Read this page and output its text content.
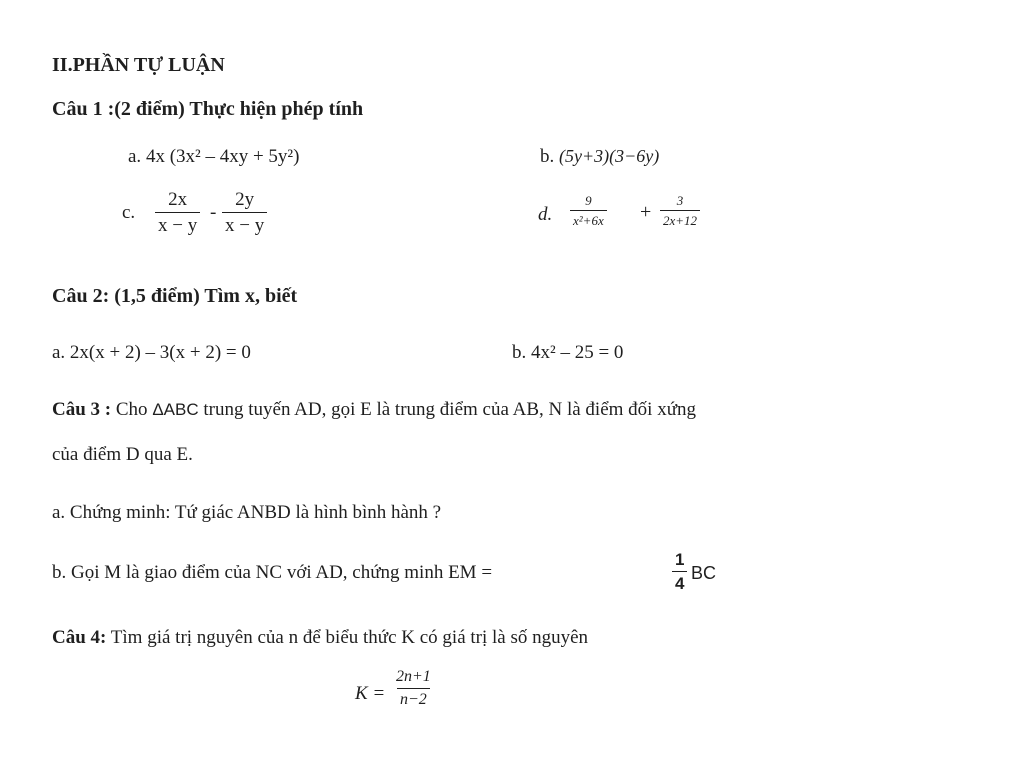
II.PHẦN TỰ LUẬN
Câu 1 :(2 điểm) Thực hiện phép tính
a. 4x (3x² – 4xy + 5y²)	b. (5y+3)(3−6y)
c. $\frac{2x}{x - y} - \frac{2y}{x - y}$	d. $\frac{9}{\text{x²+6x}} + \frac{3}{2x+12}$
Câu 2: (1,5 điểm) Tìm x, biết
a. 2x(x + 2) – 3(x + 2) = 0	b. 4x² – 25 = 0
Câu 3 : Cho ΔABC trung tuyến AD, gọi E là trung điểm của AB, N là điểm đối xứng
của điểm D qua E.
a. Chứng minh: Tứ giác ANBD là hình bình hành ?
b. Gọi M là giao điểm của NC với AD, chứng minh EM =	$\frac{1}{4}$ BC
Câu 4: Tìm giá trị nguyên của n để biểu thức K có giá trị là số nguyên
$K = \frac{2n+1}{n-2}$
